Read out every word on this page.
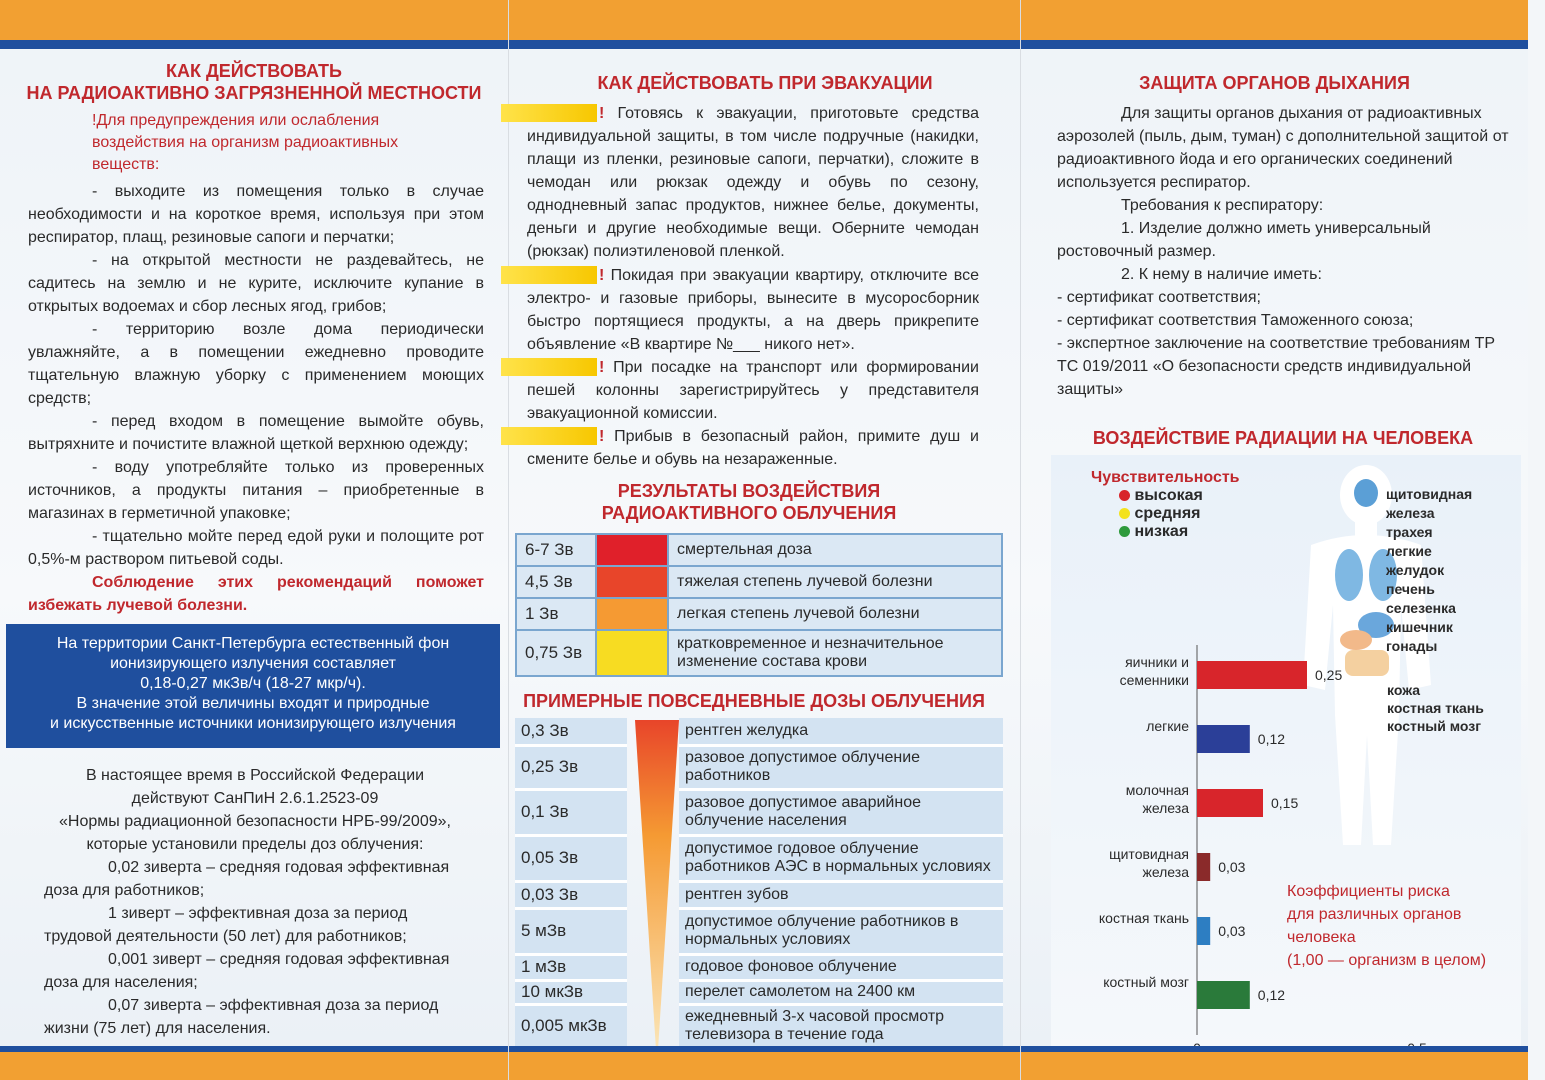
КАК ДЕЙСТВОВАТЬ
НА РАДИОАКТИВНО ЗАГРЯЗНЕННОЙ МЕСТНОСТИ
!Для предупреждения или ослабления воздействия на организм радиоактивных веществ:

- выходите из помещения только в случае необходимости и на короткое время, используя при этом респиратор, плащ, резиновые сапоги и перчатки;

- на открытой местности не раздевайтесь, не садитесь на землю и не курите, исключите купание в открытых водоемах и сбор лесных ягод, грибов;

- территорию возле дома периодически увлажняйте, а в помещении ежедневно проводите тщательную влажную уборку с применением моющих средств;

- перед входом в помещение вымойте обувь, вытряхните и почистите влажной щеткой верхнюю одежду;

- воду употребляйте только из проверенных источников, а продукты питания – приобретенные в магазинах в герметичной упаковке;

- тщательно мойте перед едой руки и полощите рот 0,5%-м раствором питьевой соды.

Соблюдение этих рекомендаций поможет избежать лучевой болезни.

На территории Санкт-Петербурга естественный фон
ионизирующего излучения составляет
0,18-0,27 мкЗв/ч (18-27 мкр/ч).
В значение этой величины входят и природные
и искусственные источники ионизирующего излучения
В настоящее время в Российской Федерации
действуют СанПиН 2.6.1.2523-09
«Нормы радиационной безопасности НРБ-99/2009»,
которые установили пределы доз облучения:

0,02 зиверта – средняя годовая эффективная доза для работников;

1 зиверт – эффективная доза за период трудовой деятельности (50 лет) для работников;

0,001 зиверт – средняя годовая эффективная доза для населения;

0,07 зиверта – эффективная доза за период жизни (75 лет) для населения.

КАК ДЕЙСТВОВАТЬ ПРИ ЭВАКУАЦИИ
! Готовясь к эвакуации, приготовьте средства индивидуальной защиты, в том числе подручные (накидки, плащи из пленки, резиновые сапоги, перчатки), сложите в чемодан или рюкзак одежду и обувь по сезону, однодневный запас продуктов, нижнее белье, документы, деньги и другие необходимые вещи. Оберните чемодан (рюкзак) полиэтиленовой пленкой.
! Покидая при эвакуации квартиру, отключите все электро- и газовые приборы, вынесите в мусоросборник быстро портящиеся продукты, а на дверь прикрепите объявление «В квартире №___ никого нет».
! При посадке на транспорт или формировании пешей колонны зарегистрируйтесь у представителя эвакуационной комиссии.
! Прибыв в безопасный район, примите душ и смените белье и обувь на незараженные.
РЕЗУЛЬТАТЫ ВОЗДЕЙСТВИЯ
РАДИОАКТИВНОГО ОБЛУЧЕНИЯ
6-7 Зв		смертельная доза
4,5 Зв		тяжелая степень лучевой болезни
1 Зв		легкая степень лучевой болезни
0,75 Зв		кратковременное и незначительное изменение состава крови
ПРИМЕРНЫЕ ПОВСЕДНЕВНЫЕ ДОЗЫ ОБЛУЧЕНИЯ
0,3 Зв		рентген желудка
0,25 Зв		разовое допустимое облучение работников
0,1 Зв		разовое допустимое аварийное облучение населения
0,05 Зв		допустимое годовое облучение работников АЭС в нормальных условиях
0,03 Зв		рентген зубов
5 мЗв		допустимое облучение работников в нормальных условиях
1 мЗв		годовое фоновое облучение
10 мкЗв		перелет самолетом на 2400 км
0,005 мкЗв		ежедневный 3-х часовой просмотр телевизора в течение года
ЗАЩИТА ОРГАНОВ ДЫХАНИЯ

Для защиты органов дыхания от радиоактивных аэрозолей (пыль, дым, туман) с дополнительной защитой от радиоактивного йода и его органических соединений используется респиратор.

Требования к респиратору:

1. Изделие должно иметь универсальный ростовочный размер.

2. К нему в наличие иметь:

- сертификат соответствия;

- сертификат соответствия Таможенного союза;

- экспертное заключение на соответствие требованиям ТР ТС 019/2011 «О безопасности средств индивидуальной защиты»

ВОЗДЕЙСТВИЕ РАДИАЦИИ НА ЧЕЛОВЕКА
Чувствительность
высокая
средняя
низкая
щитовидная железа
трахея
легкие
желудок
печень
селезенка
кишечник
гонады
кожа
костная ткань
костный мозг
яичники и
семенники	0,25
легкие
0,12
молочная
железа	0,15
щитовидная
железа 0,03
костная ткань
0,03
костный мозг
0,12
Коэффициенты риска
для различных органов
человека
(1,00 — организм в целом)
